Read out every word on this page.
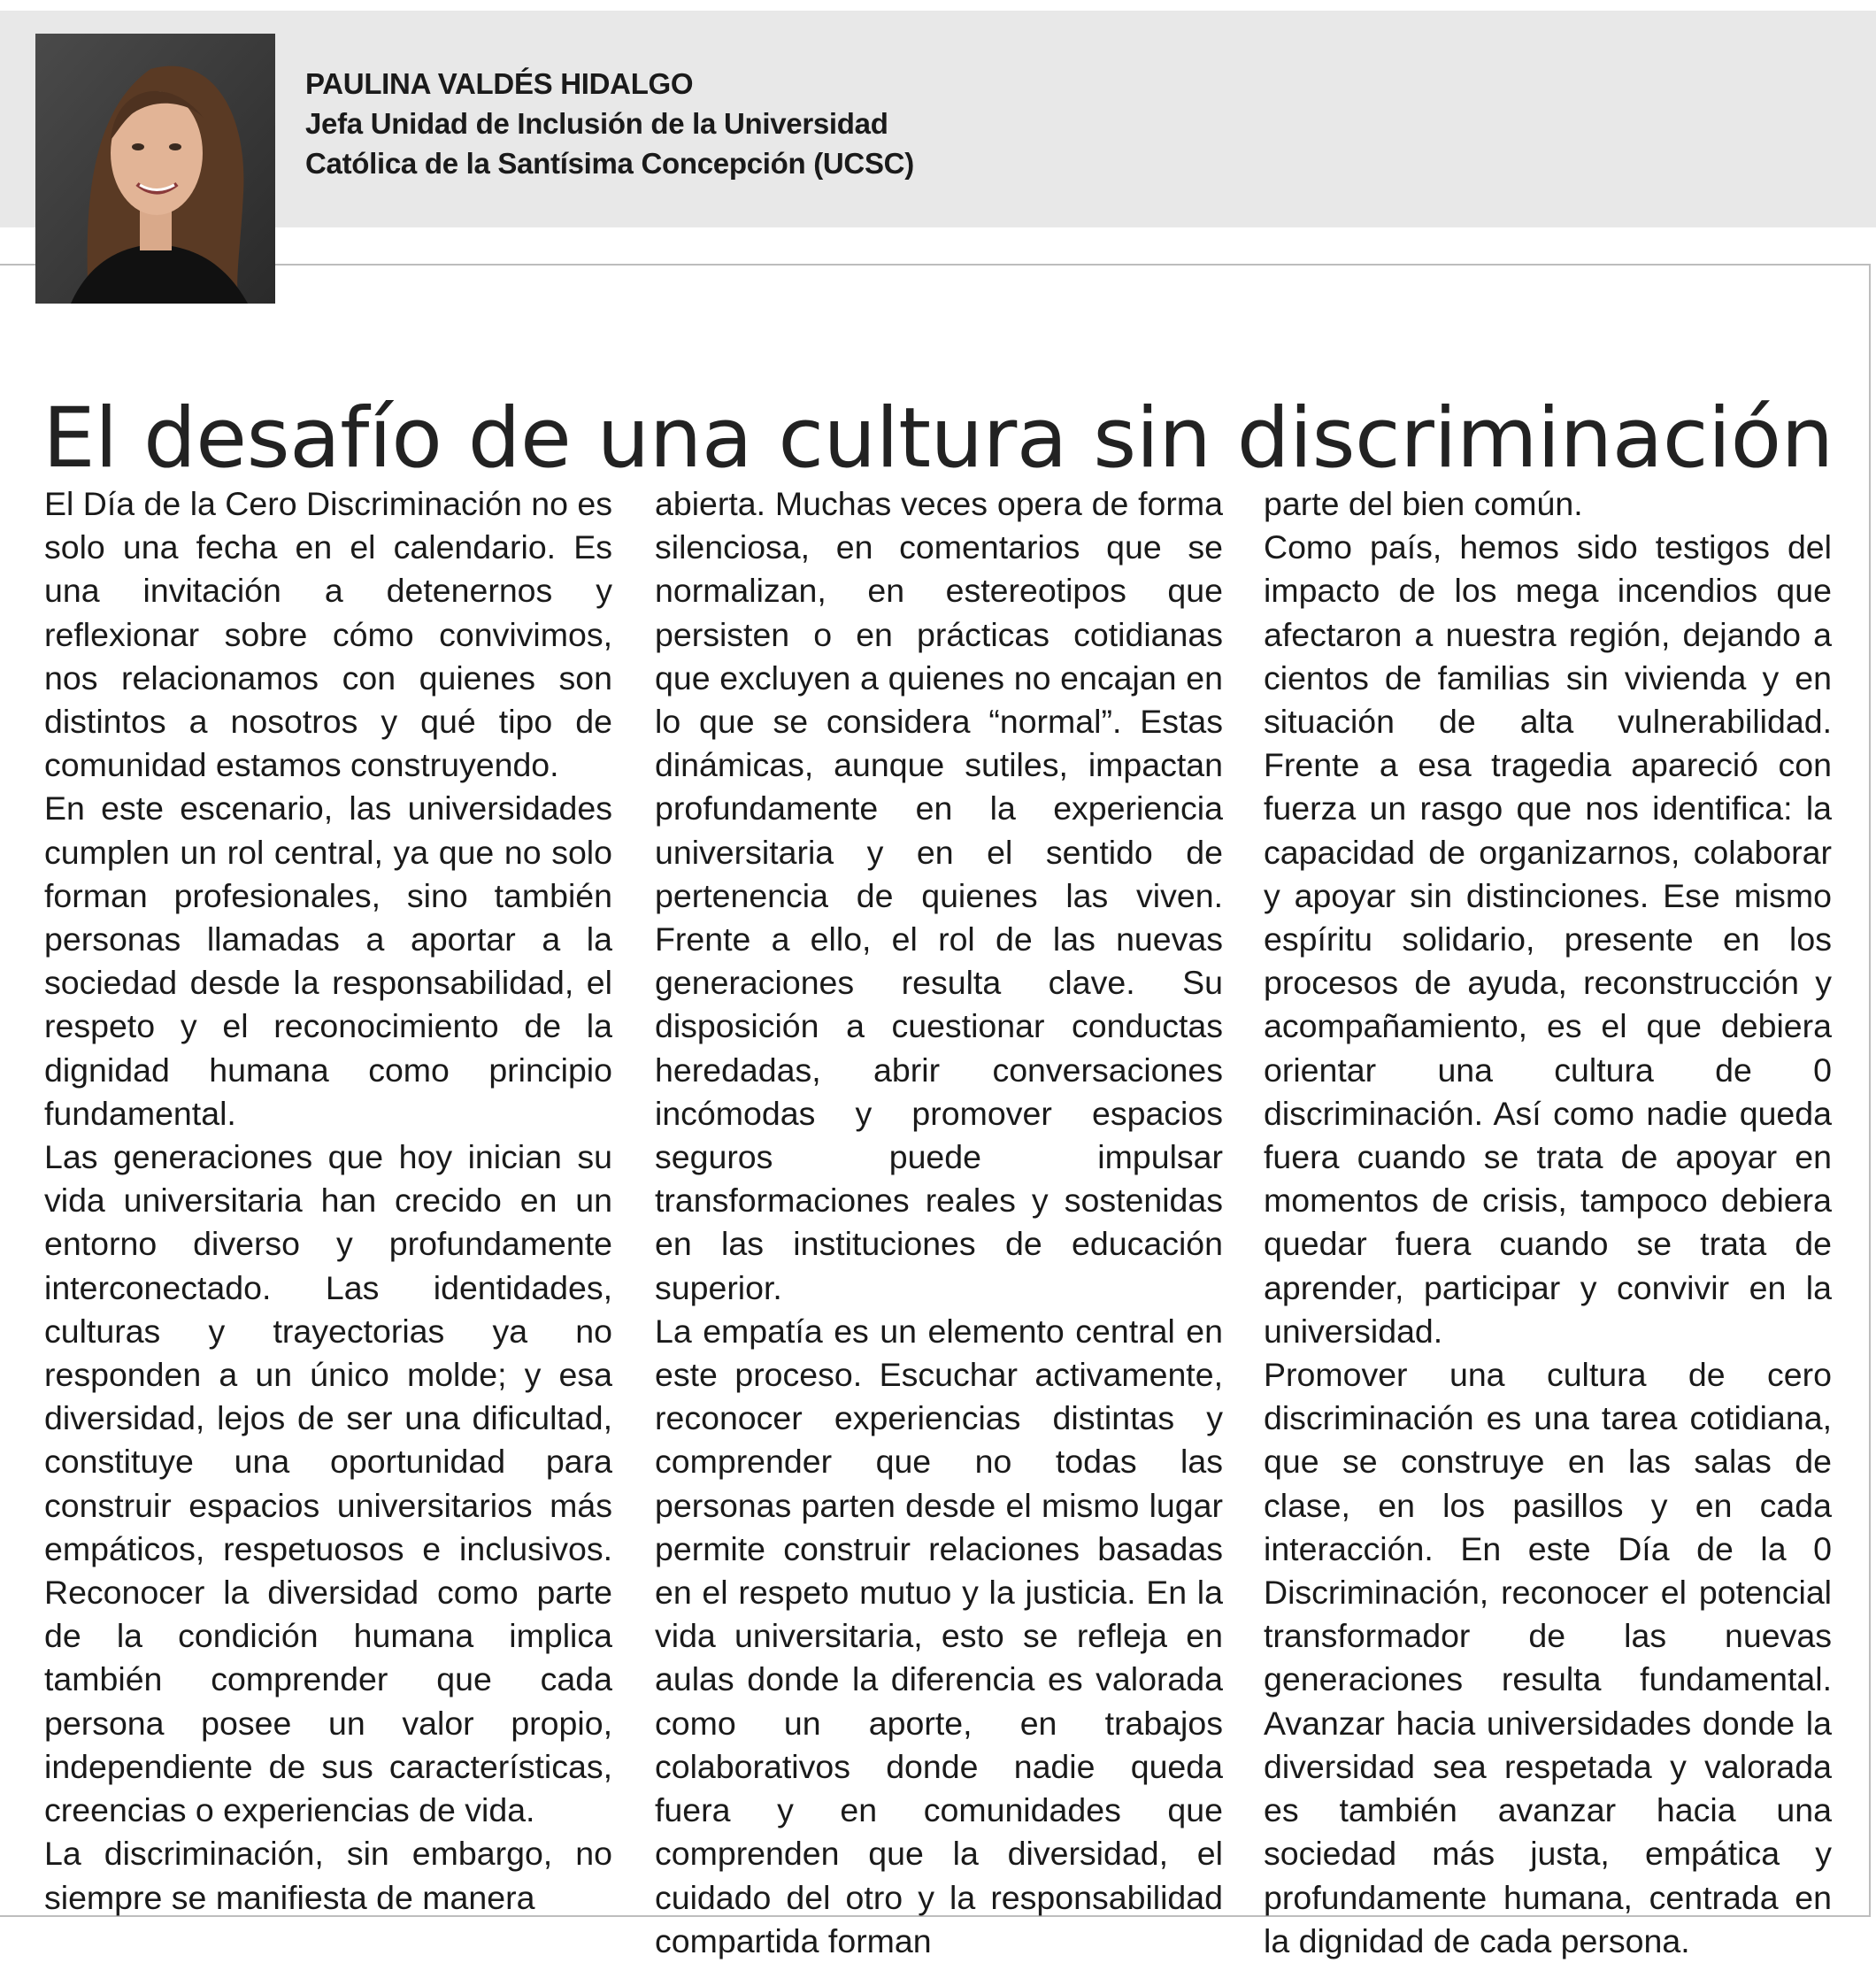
PAULINA VALDÉS HIDALGO
Jefa Unidad de Inclusión de la Universidad
Católica de la Santísima Concepción (UCSC)
El desafío de una cultura sin discriminación

El Día de la Cero Discriminación no es solo una fecha en el calendario. Es una invitación a detenernos y reflexionar sobre cómo convivimos, nos relacionamos con quienes son distintos a nosotros y qué tipo de comunidad estamos construyendo.

En este escenario, las universidades cumplen un rol central, ya que no solo forman profesionales, sino también personas llamadas a aportar a la sociedad desde la responsabilidad, el respeto y el reconocimiento de la dignidad humana como principio fundamental.

Las generaciones que hoy inician su vida universitaria han crecido en un entorno diverso y profundamente interconectado. Las identidades, culturas y trayectorias ya no responden a un único molde; y esa diversidad, lejos de ser una dificultad, constituye una oportunidad para construir espacios universitarios más empáticos, respetuosos e inclusivos. Reconocer la diversidad como parte de la condición humana implica también comprender que cada persona posee un valor propio, independiente de sus características, creencias o experiencias de vida.

La discriminación, sin embargo, no siempre se manifiesta de manera

abierta. Muchas veces opera de forma silenciosa, en comentarios que se normalizan, en estereotipos que persisten o en prácticas cotidianas que excluyen a quienes no encajan en lo que se considera “normal”. Estas dinámicas, aunque sutiles, impactan profundamente en la experiencia universitaria y en el sentido de pertenencia de quienes las viven. Frente a ello, el rol de las nuevas generaciones resulta clave. Su disposición a cuestionar conductas heredadas, abrir conversaciones incómodas y promover espacios seguros puede impulsar transformaciones reales y sostenidas en las instituciones de educación superior.

La empatía es un elemento central en este proceso. Escuchar activamente, reconocer experiencias distintas y comprender que no todas las personas parten desde el mismo lugar permite construir relaciones basadas en el respeto mutuo y la justicia. En la vida universitaria, esto se refleja en aulas donde la diferencia es valorada como un aporte, en trabajos colaborativos donde nadie queda fuera y en comunidades que comprenden que la diversidad, el cuidado del otro y la responsabilidad compartida forman

parte del bien común.

Como país, hemos sido testigos del impacto de los mega incendios que afectaron a nuestra región, dejando a cientos de familias sin vivienda y en situación de alta vulnerabilidad. Frente a esa tragedia apareció con fuerza un rasgo que nos identifica: la capacidad de organizarnos, colaborar y apoyar sin distinciones. Ese mismo espíritu solidario, presente en los procesos de ayuda, reconstrucción y acompañamiento, es el que debiera orientar una cultura de 0 discriminación. Así como nadie queda fuera cuando se trata de apoyar en momentos de crisis, tampoco debiera quedar fuera cuando se trata de aprender, participar y convivir en la universidad.

Promover una cultura de cero discriminación es una tarea cotidiana, que se construye en las salas de clase, en los pasillos y en cada interacción. En este Día de la 0 Discriminación, reconocer el potencial transformador de las nuevas generaciones resulta fundamental. Avanzar hacia universidades donde la diversidad sea respetada y valorada es también avanzar hacia una sociedad más justa, empática y profundamente humana, centrada en la dignidad de cada persona.
